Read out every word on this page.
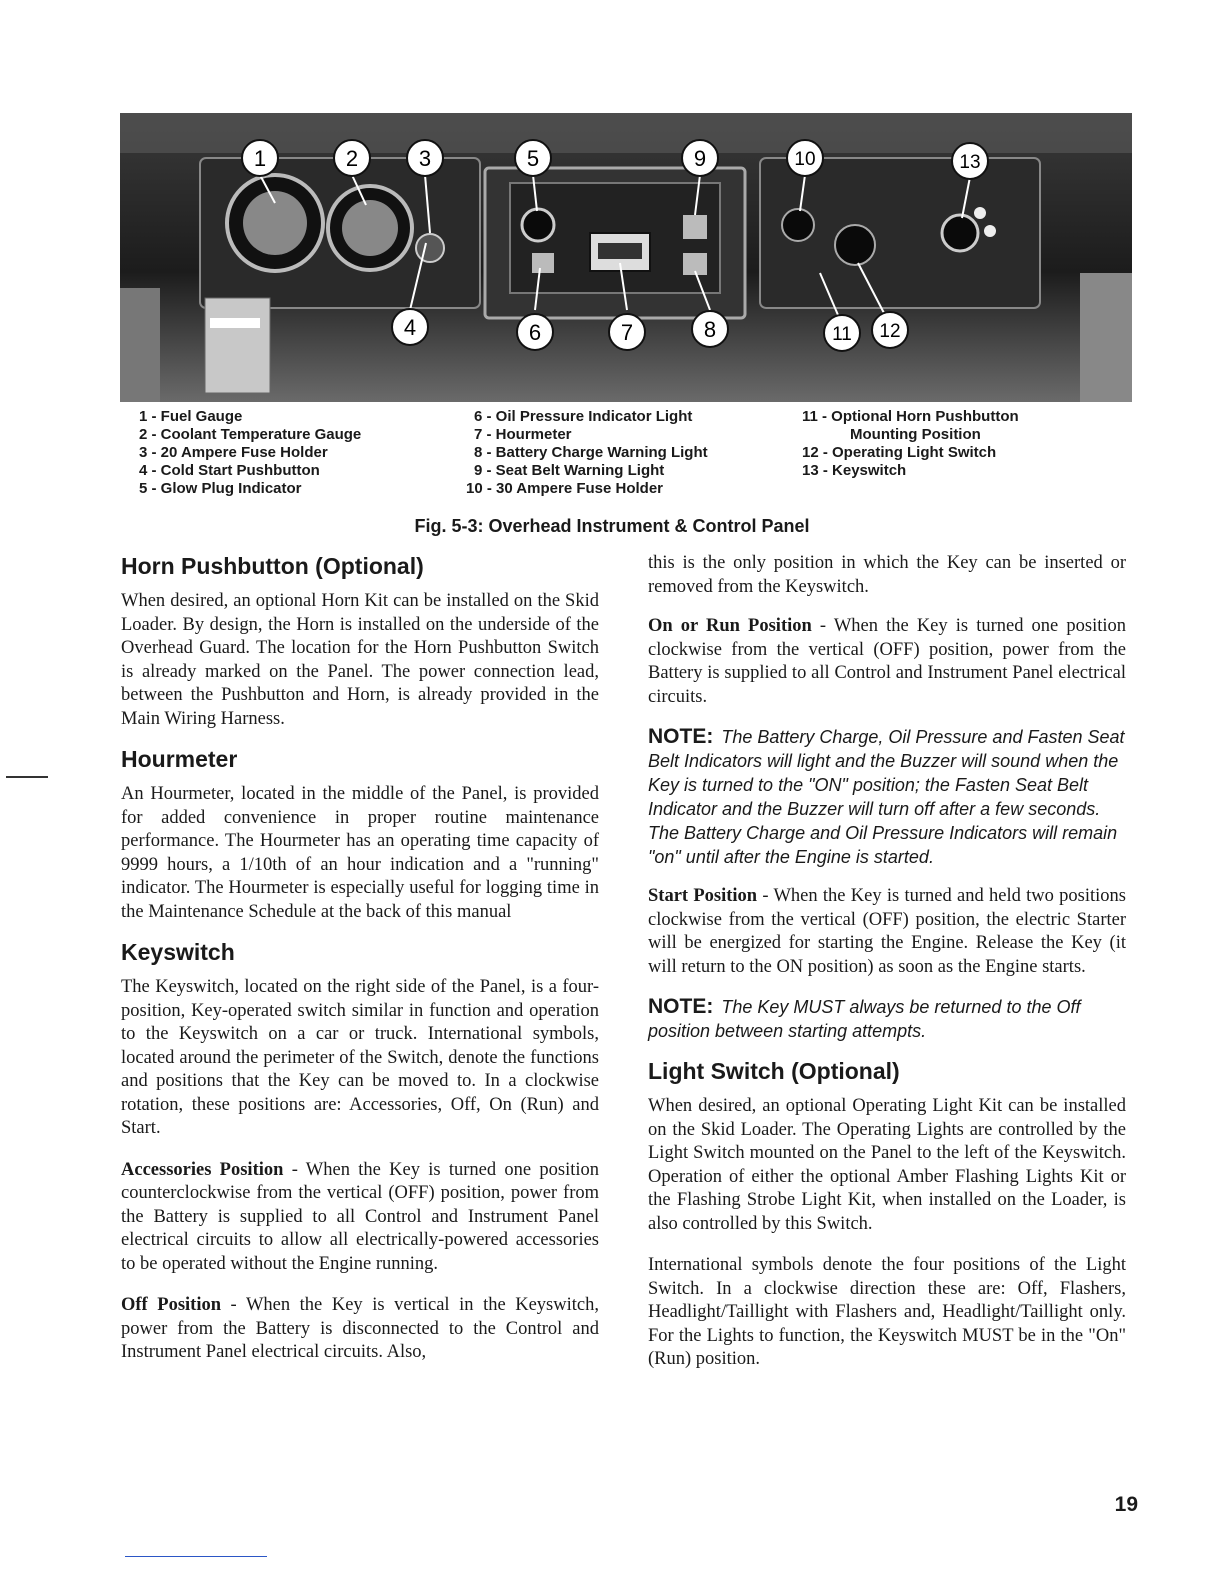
1	2	3
4
5
6	7	8
9	10
11 12
13
1 - Fuel Gauge
2 - Coolant Temperature Gauge
3 - 20 Ampere Fuse Holder
4 - Cold Start Pushbutton
5 - Glow Plug Indicator
6 - Oil Pressure Indicator Light
7 - Hourmeter
8 - Battery Charge Warning Light
9 - Seat Belt Warning Light
10 - 30 Ampere Fuse Holder
11 - Optional Horn Pushbutton
Mounting Position
12 - Operating Light Switch
13 - Keyswitch
Fig. 5-3: Overhead Instrument & Control Panel
Horn Pushbutton (Optional)

When desired, an optional Horn Kit can be installed on the Skid Loader. By design, the Horn is installed on the underside of the Overhead Guard. The location for the Horn Pushbutton Switch is already marked on the Panel. The power connection lead, between the Pushbutton and Horn, is already provided in the Main Wiring Harness.

Hourmeter

An Hourmeter, located in the middle of the Panel, is provided for added convenience in proper routine maintenance performance. The Hourmeter has an operating time capacity of 9999 hours, a 1/10th of an hour indication and a "running" indicator. The Hourmeter is especially useful for logging time in the Maintenance Schedule at the back of this manual

Keyswitch

The Keyswitch, located on the right side of the Panel, is a four-position, Key-operated switch similar in function and operation to the Keyswitch on a car or truck. International symbols, located around the perimeter of the Switch, denote the functions and positions that the Key can be moved to. In a clockwise rotation, these positions are: Accessories, Off, On (Run) and Start.

Accessories Position - When the Key is turned one position counterclockwise from the vertical (OFF) position, power from the Battery is supplied to all Control and Instrument Panel electrical circuits to allow all electrically-powered accessories to be operated without the Engine running.

Off Position - When the Key is vertical in the Keyswitch, power from the Battery is disconnected to the Control and Instrument Panel electrical circuits. Also,

this is the only position in which the Key can be inserted or removed from the Keyswitch.

On or Run Position - When the Key is turned one position clockwise from the vertical (OFF) position, power from the Battery is supplied to all Control and Instrument Panel electrical circuits.

NOTE: The Battery Charge, Oil Pressure and Fasten Seat Belt Indicators will light and the Buzzer will sound when the Key is turned to the "ON" position; the Fasten Seat Belt Indicator and the Buzzer will turn off after a few seconds. The Battery Charge and Oil Pressure Indicators will remain "on" until after the Engine is started.

Start Position - When the Key is turned and held two positions clockwise from the vertical (OFF) position, the electric Starter will be energized for starting the Engine. Release the Key (it will return to the ON position) as soon as the Engine starts.

NOTE: The Key MUST always be returned to the Off position between starting attempts.

Light Switch (Optional)

When desired, an optional Operating Light Kit can be installed on the Skid Loader. The Operating Lights are controlled by the Light Switch mounted on the Panel to the left of the Keyswitch. Operation of either the optional Amber Flashing Lights Kit or the Flashing Strobe Light Kit, when installed on the Loader, is also controlled by this Switch.

International symbols denote the four positions of the Light Switch. In a clockwise direction these are: Off, Flashers, Headlight/Taillight with Flashers and, Headlight/Taillight only. For the Lights to function, the Keyswitch MUST be in the "On"(Run) position.

19
